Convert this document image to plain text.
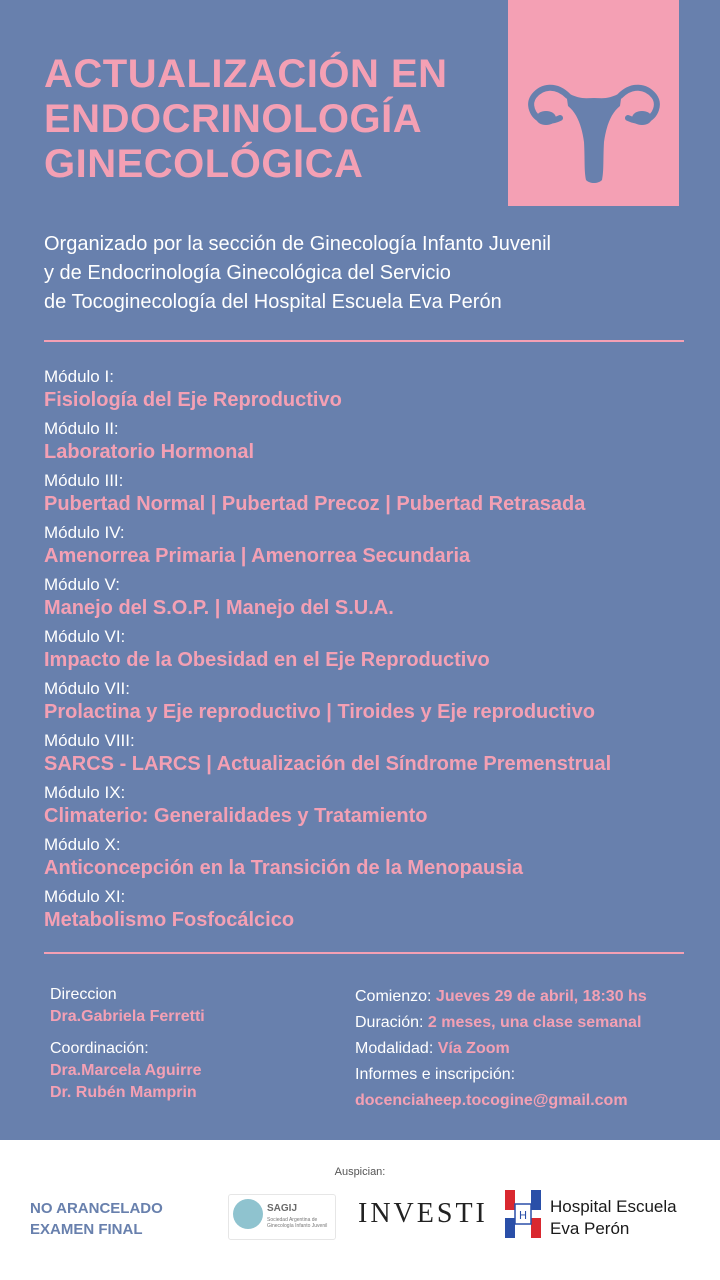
ACTUALIZACIÓN EN
ENDOCRINOLOGÍA
GINECOLÓGICA
Organizado por la sección de Ginecología Infanto Juvenil
y de Endocrinología Ginecológica del Servicio
de Tocoginecología del Hospital Escuela Eva Perón
Módulo I:
Fisiología del Eje Reproductivo
Módulo II:
Laboratorio Hormonal
Módulo III:
Pubertad Normal | Pubertad Precoz | Pubertad Retrasada
Módulo IV:
Amenorrea Primaria | Amenorrea Secundaria
Módulo V:
Manejo del S.O.P. | Manejo del S.U.A.
Módulo VI:
Impacto de la Obesidad en el Eje Reproductivo
Módulo VII:
Prolactina y Eje reproductivo | Tiroides y Eje reproductivo
Módulo VIII:
SARCS - LARCS | Actualización del Síndrome Premenstrual
Módulo IX:
Climaterio: Generalidades y Tratamiento
Módulo X:
Anticoncepción en la Transición de la Menopausia
Módulo XI:
Metabolismo Fosfocálcico
Direccion
Dra.Gabriela Ferretti
Coordinación:
Dra.Marcela Aguirre
Dr. Rubén Mamprin
Comienzo: Jueves 29 de abril, 18:30 hs
Duración: 2 meses, una clase semanal
Modalidad: Vía Zoom
Informes e inscripción:
docenciaheep.tocogine@gmail.com
Auspician:
NO ARANCELADO
EXAMEN FINAL
SAGIJ
Sociedad Argentina de Ginecología Infanto Juvenil INVESTI	H Hospital Escuela
Eva Perón
